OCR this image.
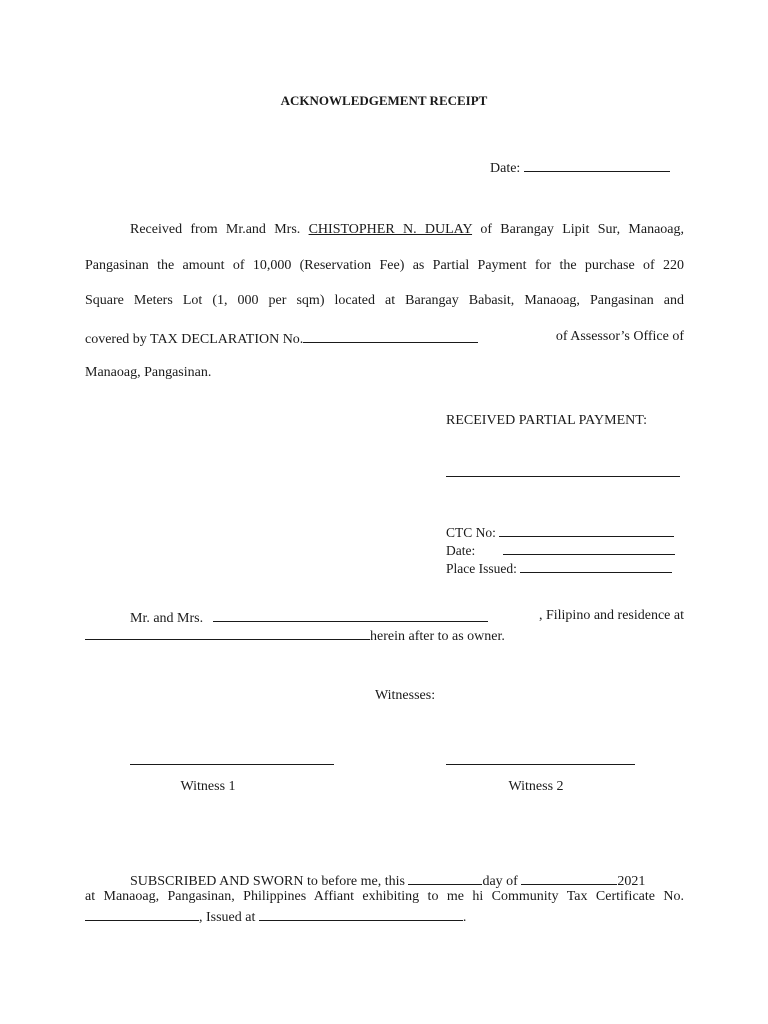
ACKNOWLEDGEMENT RECEIPT
Date:
Received from Mr.and Mrs. CHISTOPHER N. DULAY of Barangay Lipit Sur, Manaoag,
Pangasinan the amount of 10,000 (Reservation Fee) as Partial Payment for the purchase of 220
Square Meters Lot (1, 000 per sqm) located at Barangay Babasit, Manaoag, Pangasinan and
covered by TAX DECLARATION No.	of Assessor’s Office of
Manaoag, Pangasinan.
RECEIVED PARTIAL PAYMENT:
CTC No:
Date:
Place Issued:
Mr. and Mrs.	, Filipino and residence at
herein after to as owner.
Witnesses:
Witness 1	Witness 2
SUBSCRIBED AND SWORN to before me, this	day of	2021
at Manaoag, Pangasinan, Philippines Affiant exhibiting to me hi Community Tax Certificate No.
, Issued at	.
